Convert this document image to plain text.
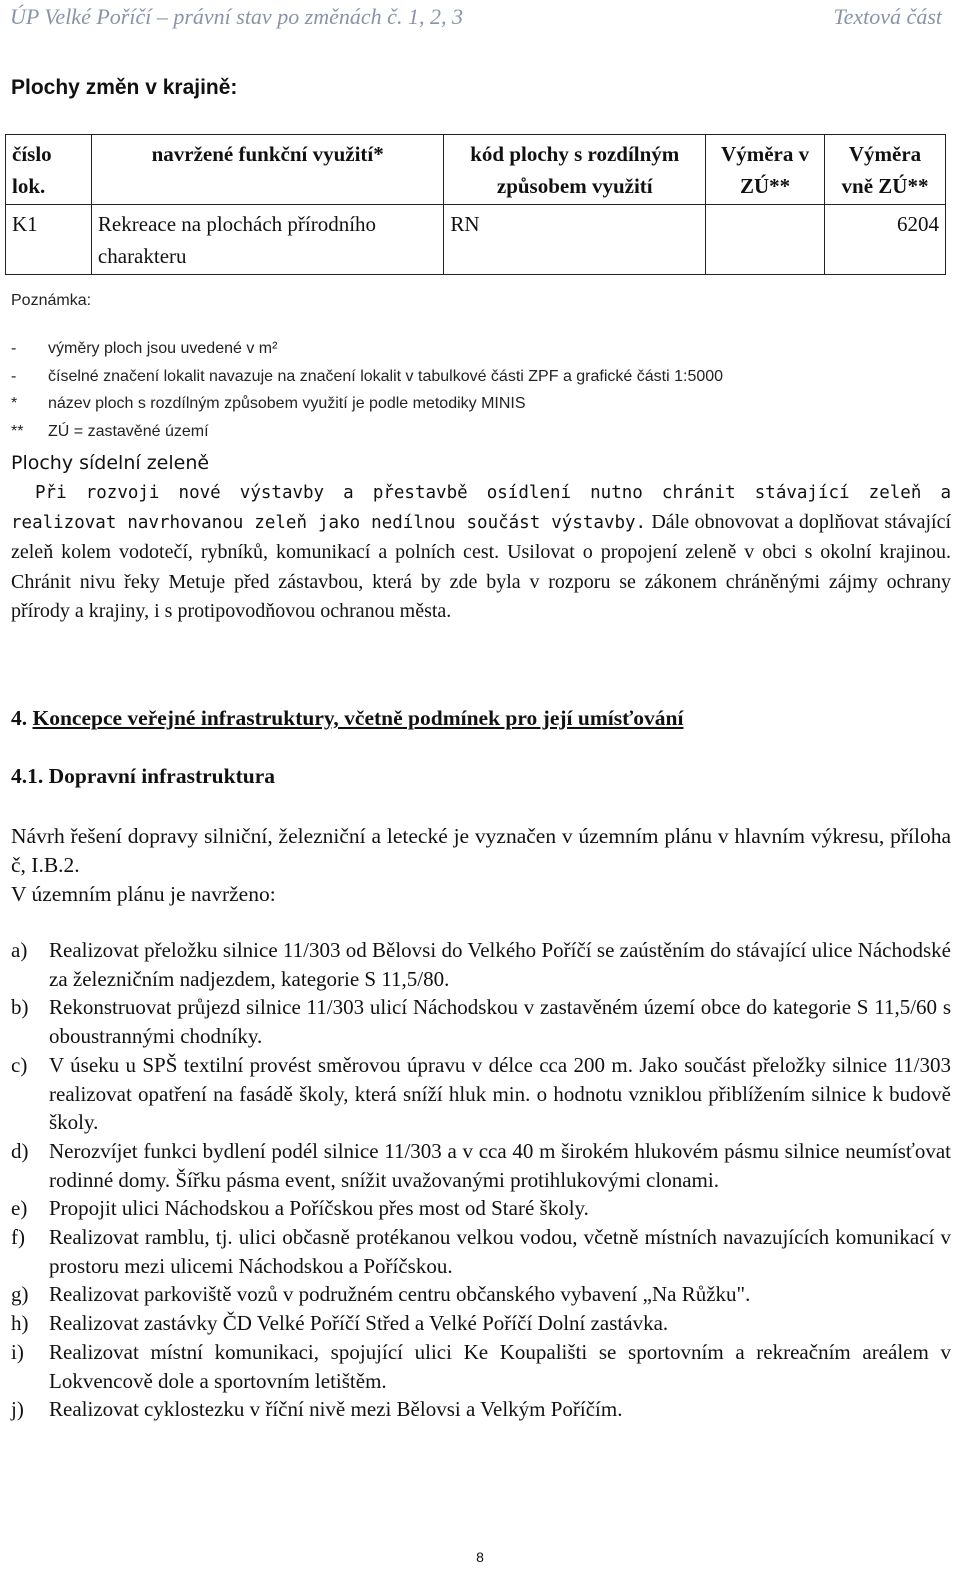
ÚP Velké Poříčí – právní stav po změnách č. 1, 2, 3	Textová část
Plochy změn v krajině:
číslo lok.	navržené funkční využití*	kód plochy s rozdílným způsobem využití	Výměra v ZÚ**	Výměra vně ZÚ**
K1	Rekreace na plochách přírodního charakteru	RN		6204
Poznámka:
-	výměry ploch jsou uvedené v m²
-	číselné značení lokalit navazuje na značení lokalit v tabulkové části ZPF a grafické části 1:5000
*	název ploch s rozdílným způsobem využití je podle metodiky MINIS
**	ZÚ = zastavěné území
Plochy sídelní zeleně
Při rozvoji nové výstavby a přestavbě osídlení nutno chránit stávající zeleň a realizovat navrhovanou zeleň jako nedílnou součást výstavby. Dále obnovovat a doplňovat stávající zeleň kolem vodotečí, rybníků, komunikací a polních cest. Usilovat o propojení zeleně v obci s okolní krajinou. Chránit nivu řeky Metuje před zástavbou, která by zde byla v rozporu se zákonem chráněnými zájmy ochrany přírody a krajiny, i s protipovodňovou ochranou města.
4. Koncepce veřejné infrastruktury, včetně podmínek pro její umísťování
4.1. Dopravní infrastruktura
Návrh řešení dopravy silniční, železniční a letecké je vyznačen v územním plánu v hlavním výkresu, příloha č, I.B.2.
V územním plánu je navrženo:
a) Realizovat přeložku silnice 11/303 od Bělovsi do Velkého Poříčí se zaústěním do stávající ulice Náchodské za železničním nadjezdem, kategorie S 11,5/80.
b) Rekonstruovat průjezd silnice 11/303 ulicí Náchodskou v zastavěném území obce do kategorie S 11,5/60 s oboustrannými chodníky.
c) V úseku u SPŠ textilní provést směrovou úpravu v délce cca 200 m. Jako součást přeložky silnice 11/303 realizovat opatření na fasádě školy, která sníží hluk min. o hodnotu vzniklou přiblížením silnice k budově školy.
d) Nerozvíjet funkci bydlení podél silnice 11/303 a v cca 40 m širokém hlukovém pásmu silnice neumísťovat rodinné domy. Šířku pásma event, snížit uvažovanými protihlukovými clonami.
e) Propojit ulici Náchodskou a Poříčskou přes most od Staré školy.
f) Realizovat ramblu, tj. ulici občasně protékanou velkou vodou, včetně místních navazujících komunikací v prostoru mezi ulicemi Náchodskou a Poříčskou.
g) Realizovat parkoviště vozů v podružném centru občanského vybavení „Na Růžku".
h) Realizovat zastávky ČD Velké Poříčí Střed a Velké Poříčí Dolní zastávka.
i) Realizovat místní komunikaci, spojující ulici Ke Koupališti se sportovním a rekreačním areálem v Lokvencově dole a sportovním letištěm.
j) Realizovat cyklostezku v říční nivě mezi Bělovsi a Velkým Poříčím.
8
